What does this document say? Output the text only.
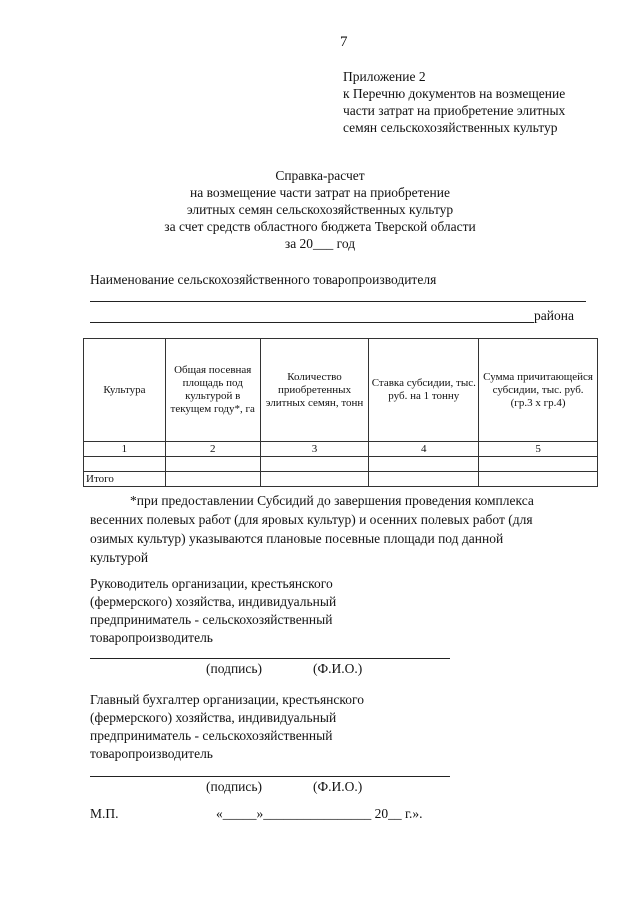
7
Приложение 2
к Перечню документов на возмещение
части затрат на приобретение элитных
семян сельскохозяйственных культур
Справка-расчет
на возмещение части затрат на приобретение
элитных семян сельскохозяйственных культур
за счет средств областного бюджета Тверской области
за 20___ год
Наименование сельскохозяйственного товаропроизводителя
района
Культура	Общая посевная площадь под культурой в текущем году*, га	Количество приобретенных элитных семян, тонн	Ставка субсидии, тыс. руб. на 1 тонну	Сумма причитающейся субсидии, тыс. руб. (гр.3 х гр.4)
1	2	3	4	5

Итого				
*при предоставлении Субсидий до завершения проведения комплекса
весенних полевых работ (для яровых культур) и осенних полевых работ (для
озимых культур) указываются плановые посевные площади под данной
культурой
Руководитель организации, крестьянского
(фермерского) хозяйства, индивидуальный
предприниматель - сельскохозяйственный
товаропроизводитель
(подпись)	(Ф.И.О.)
Главный бухгалтер организации, крестьянского
(фермерского) хозяйства, индивидуальный
предприниматель - сельскохозяйственный
товаропроизводитель
(подпись)	(Ф.И.О.)
М.П.	«_____»________________ 20__ г.».
